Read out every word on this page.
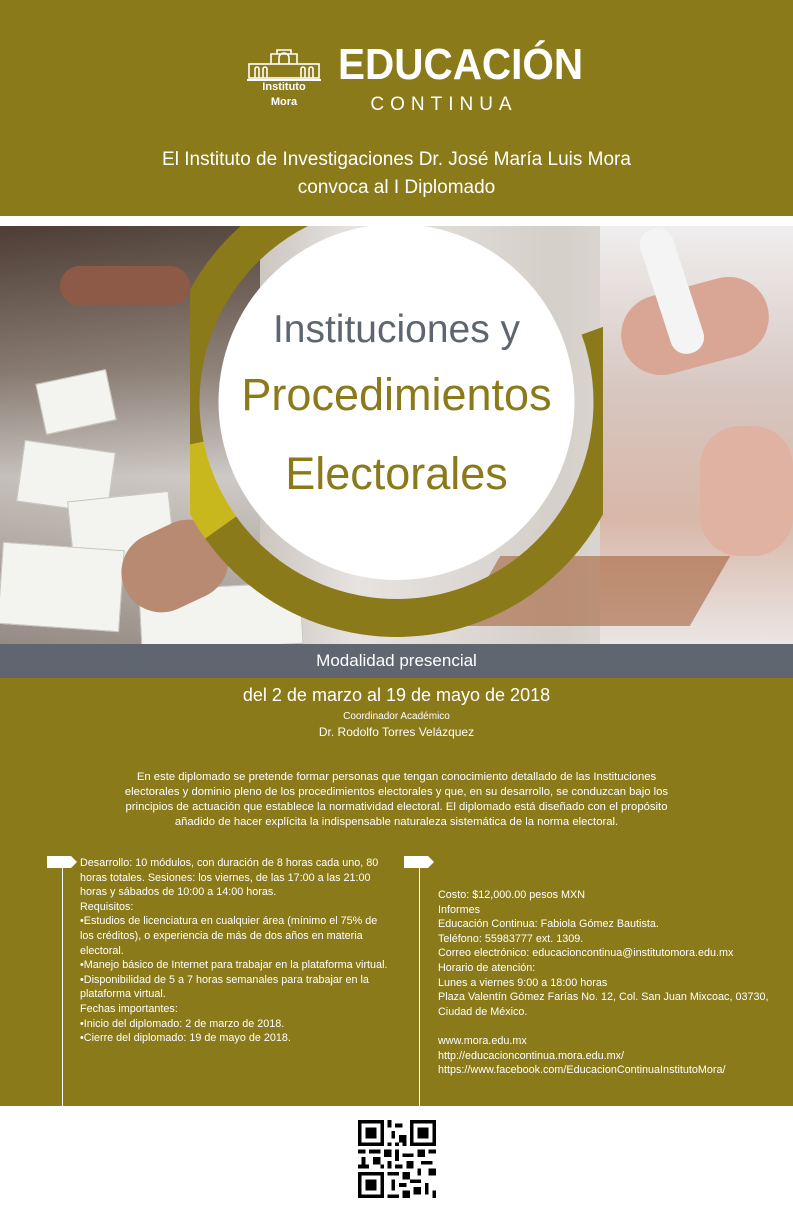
Instituto
Mora
EDUCACIÓN
CONTINUA
El Instituto de Investigaciones Dr. José María Luis Mora
convoca al I Diplomado
Instituciones y
Procedimientos
Electorales
Modalidad presencial
del 2 de marzo al 19 de mayo de 2018
Coordinador Académico
Dr. Rodolfo Torres Velázquez
En este diplomado se pretende formar personas que tengan conocimiento detallado de las Instituciones electorales y dominio pleno de los procedimientos electorales y que, en su desarrollo, se conduzcan bajo los principios de actuación que establece la normatividad electoral. El diplomado está diseñado con el propósito añadido de hacer explícita la indispensable naturaleza sistemática de la norma electoral.
Desarrollo: 10 módulos, con duración de 8 horas cada uno, 80 horas totales. Sesiones: los viernes, de las 17:00 a las 21:00 horas y sábados de 10:00 a 14:00 horas.
Requisitos:
•Estudios de licenciatura en cualquier área (mínimo el 75% de los créditos), o experiencia de más de dos años en materia electoral.
•Manejo básico de Internet para trabajar en la plataforma virtual.
•Disponibilidad de 5 a 7 horas semanales para trabajar en la plataforma virtual.
Fechas importantes:
•Inicio del diplomado: 2 de marzo de 2018.
•Cierre del diplomado: 19 de mayo de 2018.
Costo: $12,000.00 pesos MXN
Informes
Educación Continua: Fabiola Gómez Bautista.
Teléfono: 55983777 ext. 1309.
Correo electrónico: educacioncontinua@institutomora.edu.mx
Horario de atención:
Lunes a viernes 9:00 a 18:00 horas
Plaza Valentín Gómez Farías No. 12, Col. San Juan Mixcoac, 03730, Ciudad de México.
www.mora.edu.mx
http://educacioncontinua.mora.edu.mx/
https://www.facebook.com/EducacionContinuaInstitutoMora/
